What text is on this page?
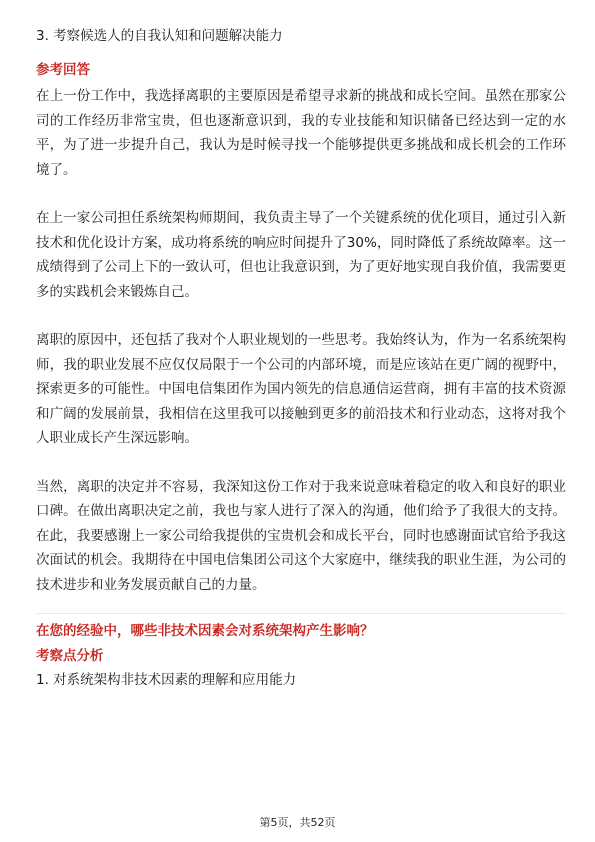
3. 考察候选人的自我认知和问题解决能力
参考回答

在上一份工作中，我选择离职的主要原因是希望寻求新的挑战和成长空间。虽然在那家公司的工作经历非常宝贵，但也逐渐意识到，我的专业技能和知识储备已经达到一定的水平，为了进一步提升自己，我认为是时候寻找一个能够提供更多挑战和成长机会的工作环境了。

在上一家公司担任系统架构师期间，我负责主导了一个关键系统的优化项目，通过引入新技术和优化设计方案，成功将系统的响应时间提升了30%，同时降低了系统故障率。这一成绩得到了公司上下的一致认可，但也让我意识到，为了更好地实现自我价值，我需要更多的实践机会来锻炼自己。

离职的原因中，还包括了我对个人职业规划的一些思考。我始终认为，作为一名系统架构师，我的职业发展不应仅仅局限于一个公司的内部环境，而是应该站在更广阔的视野中，探索更多的可能性。中国电信集团作为国内领先的信息通信运营商，拥有丰富的技术资源和广阔的发展前景，我相信在这里我可以接触到更多的前沿技术和行业动态，这将对我个人职业成长产生深远影响。

当然，离职的决定并不容易，我深知这份工作对于我来说意味着稳定的收入和良好的职业口碑。在做出离职决定之前，我也与家人进行了深入的沟通，他们给予了我很大的支持。在此，我要感谢上一家公司给我提供的宝贵机会和成长平台，同时也感谢面试官给予我这次面试的机会。我期待在中国电信集团公司这个大家庭中，继续我的职业生涯，为公司的技术进步和业务发展贡献自己的力量。

在您的经验中，哪些非技术因素会对系统架构产生影响？
考察点分析
1. 对系统架构非技术因素的理解和应用能力
第5页，共52页
